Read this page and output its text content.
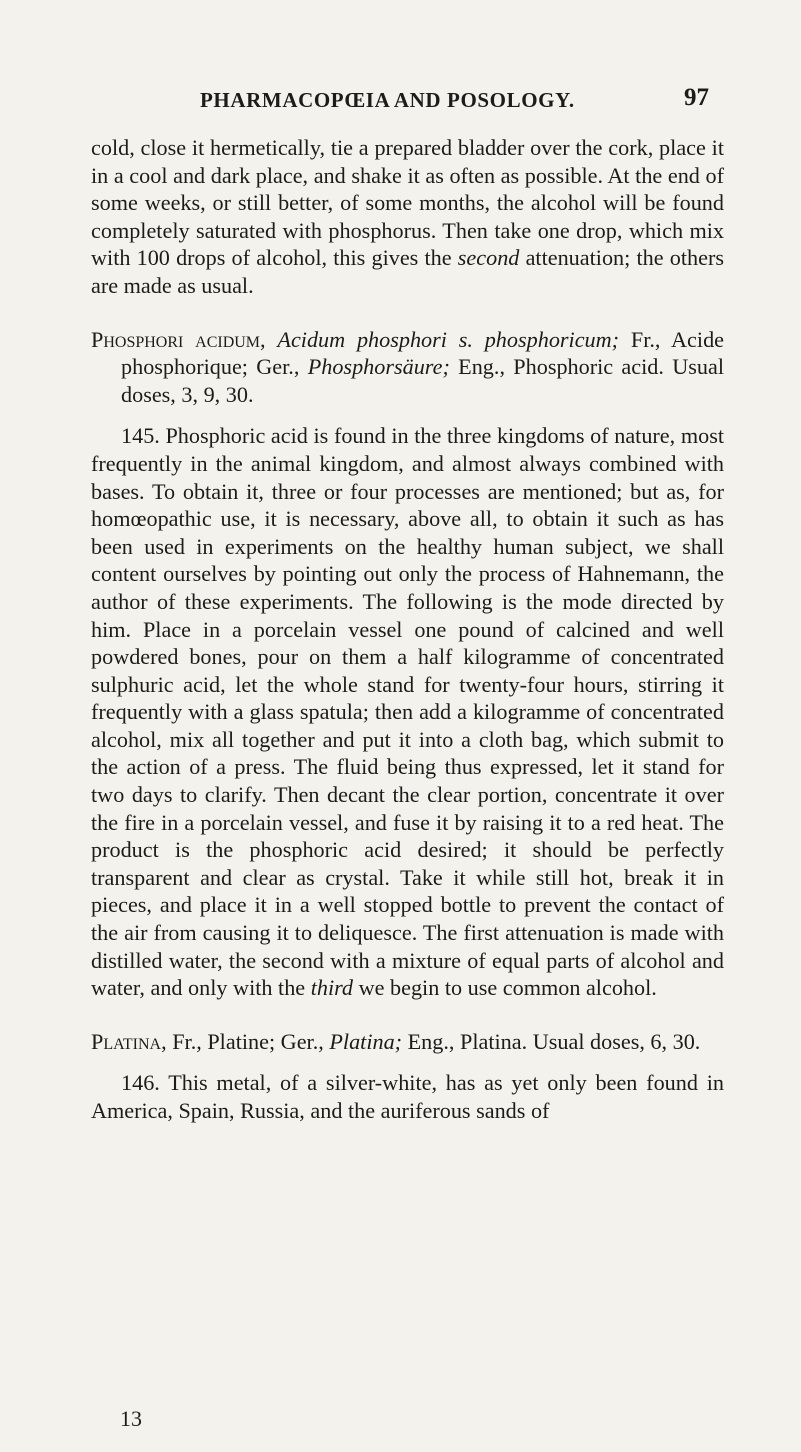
PHARMACOPŒIA AND POSOLOGY.	97

cold, close it hermetically, tie a prepared bladder over the cork, place it in a cool and dark place, and shake it as often as possible. At the end of some weeks, or still better, of some months, the alcohol will be found completely saturated with phosphorus. Then take one drop, which mix with 100 drops of alcohol, this gives the second attenuation; the others are made as usual.

Phosphori acidum, Acidum phosphori s. phosphoricum; Fr., Acide phosphorique; Ger., Phosphorsäure; Eng., Phosphoric acid. Usual doses, 3, 9, 30.

145. Phosphoric acid is found in the three kingdoms of nature, most frequently in the animal kingdom, and almost always combined with bases. To obtain it, three or four processes are mentioned; but as, for homœopathic use, it is necessary, above all, to obtain it such as has been used in experiments on the healthy human subject, we shall content ourselves by pointing out only the process of Hahnemann, the author of these experiments. The following is the mode directed by him. Place in a porcelain vessel one pound of calcined and well powdered bones, pour on them a half kilogramme of concentrated sulphuric acid, let the whole stand for twenty-four hours, stirring it frequently with a glass spatula; then add a kilogramme of concentrated alcohol, mix all together and put it into a cloth bag, which submit to the action of a press. The fluid being thus expressed, let it stand for two days to clarify. Then decant the clear portion, concentrate it over the fire in a porcelain vessel, and fuse it by raising it to a red heat. The product is the phosphoric acid desired; it should be perfectly transparent and clear as crystal. Take it while still hot, break it in pieces, and place it in a well stopped bottle to prevent the contact of the air from causing it to deliquesce. The first attenuation is made with distilled water, the second with a mixture of equal parts of alcohol and water, and only with the third we begin to use common alcohol.

Platina, Fr., Platine; Ger., Platina; Eng., Platina. Usual doses, 6, 30.

146. This metal, of a silver-white, has as yet only been found in America, Spain, Russia, and the auriferous sands of

13
